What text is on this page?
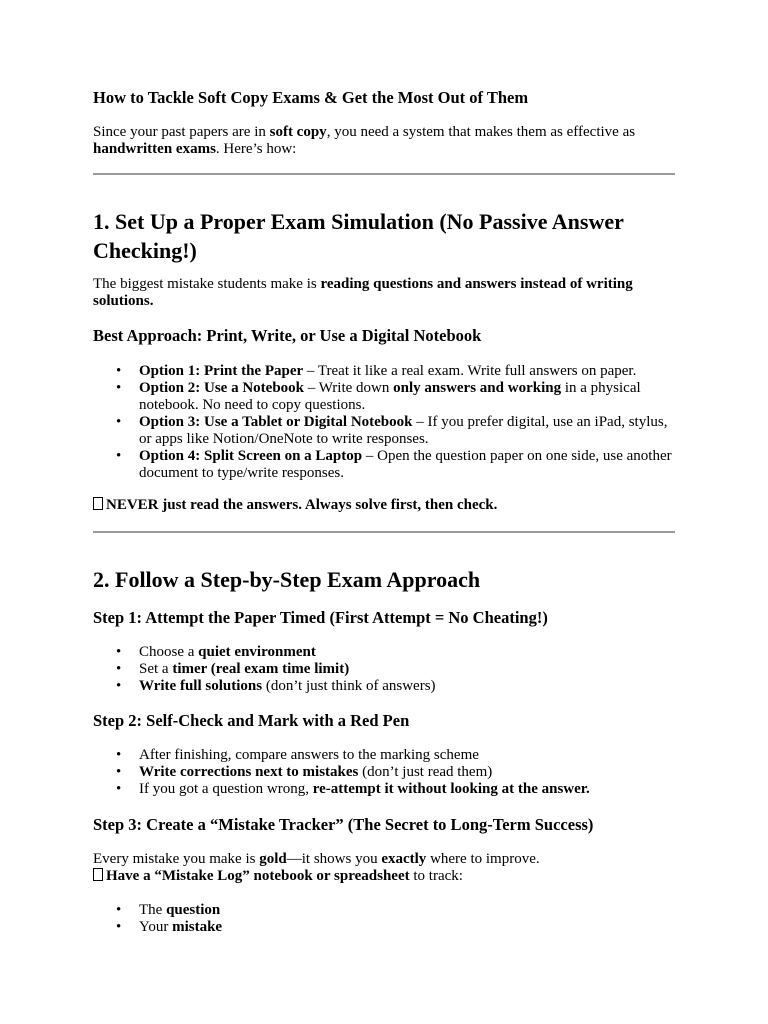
How to Tackle Soft Copy Exams & Get the Most Out of Them
Since your past papers are in soft copy, you need a system that makes them as effective as handwritten exams. Here’s how:
1. Set Up a Proper Exam Simulation (No Passive Answer Checking!)
The biggest mistake students make is reading questions and answers instead of writing solutions.
Best Approach: Print, Write, or Use a Digital Notebook
• Option 1: Print the Paper – Treat it like a real exam. Write full answers on paper.
• Option 2: Use a Notebook – Write down only answers and working in a physical notebook. No need to copy questions.
• Option 3: Use a Tablet or Digital Notebook – If you prefer digital, use an iPad, stylus, or apps like Notion/OneNote to write responses.
• Option 4: Split Screen on a Laptop – Open the question paper on one side, use another document to type/write responses.
NEVER just read the answers. Always solve first, then check.
2. Follow a Step-by-Step Exam Approach
Step 1: Attempt the Paper Timed (First Attempt = No Cheating!)
• Choose a quiet environment
• Set a timer (real exam time limit)
• Write full solutions (don’t just think of answers)
Step 2: Self-Check and Mark with a Red Pen
• After finishing, compare answers to the marking scheme
• Write corrections next to mistakes (don’t just read them)
• If you got a question wrong, re-attempt it without looking at the answer.
Step 3: Create a “Mistake Tracker” (The Secret to Long-Term Success)
Every mistake you make is gold—it shows you exactly where to improve.
Have a “Mistake Log” notebook or spreadsheet to track:
• The question
• Your mistake
